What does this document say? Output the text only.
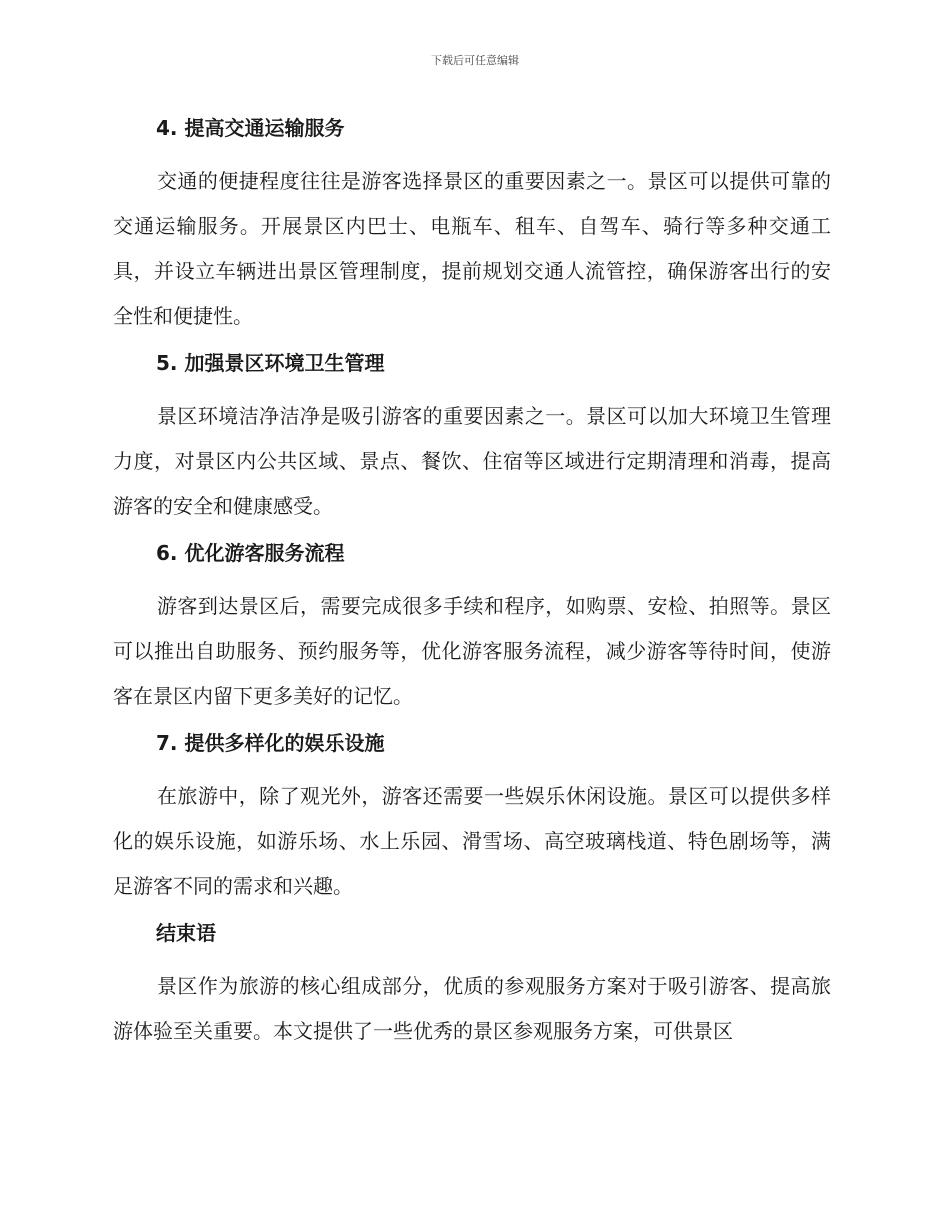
下载后可任意编辑
4. 提高交通运输服务

交通的便捷程度往往是游客选择景区的重要因素之一。景区可以提供可靠的交通运输服务。开展景区内巴士、电瓶车、租车、自驾车、骑行等多种交通工具，并设立车辆进出景区管理制度，提前规划交通人流管控，确保游客出行的安全性和便捷性。

5. 加强景区环境卫生管理

景区环境洁净洁净是吸引游客的重要因素之一。景区可以加大环境卫生管理力度，对景区内公共区域、景点、餐饮、住宿等区域进行定期清理和消毒，提高游客的安全和健康感受。

6. 优化游客服务流程

游客到达景区后，需要完成很多手续和程序，如购票、安检、拍照等。景区可以推出自助服务、预约服务等，优化游客服务流程，减少游客等待时间，使游客在景区内留下更多美好的记忆。

7. 提供多样化的娱乐设施

在旅游中，除了观光外，游客还需要一些娱乐休闲设施。景区可以提供多样化的娱乐设施，如游乐场、水上乐园、滑雪场、高空玻璃栈道、特色剧场等，满足游客不同的需求和兴趣。

结束语

景区作为旅游的核心组成部分，优质的参观服务方案对于吸引游客、提高旅游体验至关重要。本文提供了一些优秀的景区参观服务方案，可供景区
